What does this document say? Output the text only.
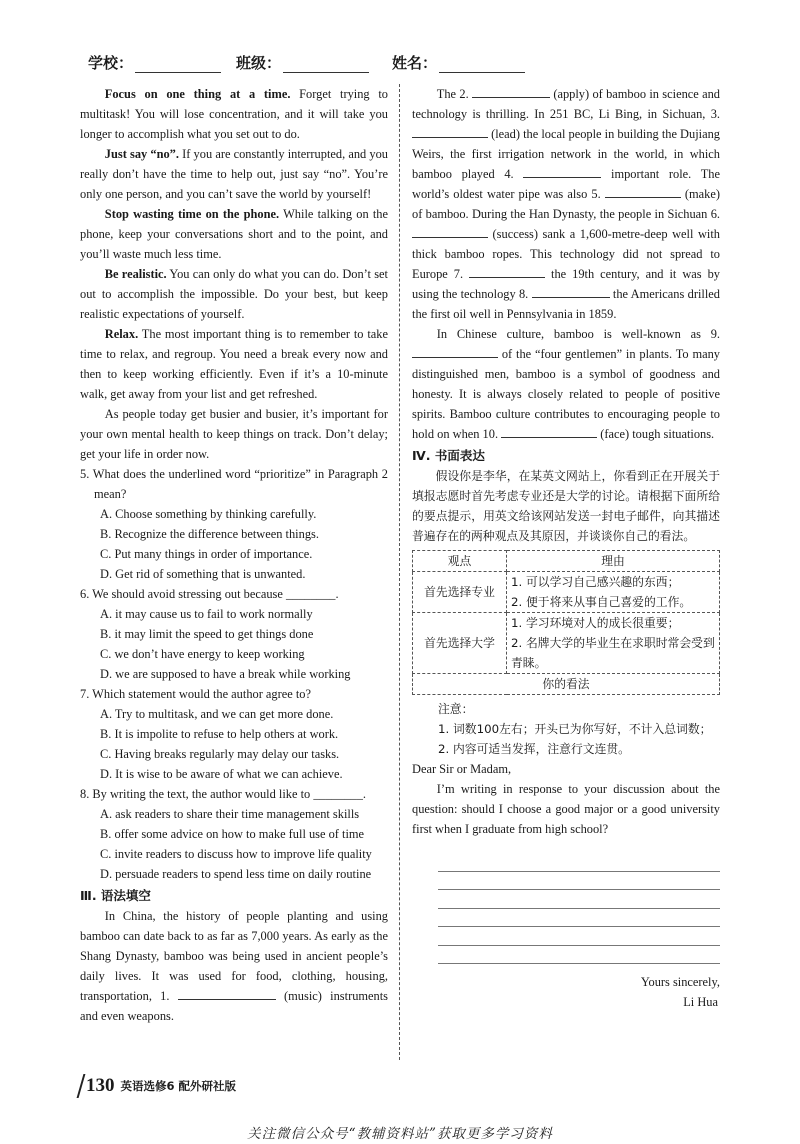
学校：	班级：	姓名：

Focus on one thing at a time. Forget trying to multitask! You will lose concentration, and it will take you longer to accomplish what you set out to do.

Just say “no”. If you are constantly interrupted, and you really don’t have the time to help out, just say “no”. You’re only one person, and you can’t save the world by yourself!

Stop wasting time on the phone. While talking on the phone, keep your conversations short and to the point, and you’ll waste much less time.

Be realistic. You can only do what you can do. Don’t set out to accomplish the impossible. Do your best, but keep realistic expectations of yourself.

Relax. The most important thing is to remember to take time to relax, and regroup. You need a break every now and then to keep working efficiently. Even if it’s a 10-minute walk, get away from your list and get refreshed.

As people today get busier and busier, it’s important for your own mental health to keep things on track. Don’t delay; get your life in order now.

5. What does the underlined word “prioritize” in Paragraph 2 mean?
A. Choose something by thinking carefully.
B. Recognize the difference between things.
C. Put many things in order of importance.
D. Get rid of something that is unwanted.
6. We should avoid stressing out because ________.
A. it may cause us to fail to work normally
B. it may limit the speed to get things done
C. we don’t have energy to keep working
D. we are supposed to have a break while working
7. Which statement would the author agree to?
A. Try to multitask, and we can get more done.
B. It is impolite to refuse to help others at work.
C. Having breaks regularly may delay our tasks.
D. It is wise to be aware of what we can achieve.
8. By writing the text, the author would like to ________.
A. ask readers to share their time management skills
B. offer some advice on how to make full use of time
C. invite readers to discuss how to improve life quality
D. persuade readers to spend less time on daily routine
Ⅲ. 语法填空

In China, the history of people planting and using bamboo can date back to as far as 7,000 years. As early as the Shang Dynasty, bamboo was being used in ancient people’s daily lives. It was used for food, clothing, housing, transportation, 1.	(music) instruments and even weapons.

The 2.	(apply) of bamboo in science and technology is thrilling. In 251 BC, Li Bing, in Sichuan, 3.  (lead) the local people in building the Dujiang Weirs, the first irrigation network in the world, in which bamboo played 4.	important role. The world’s oldest water pipe was also 5.	(make) of bamboo. During the Han Dynasty, the people in Sichuan 6.  (success) sank a 1,600-metre-deep well with thick bamboo ropes. This technology did not spread to Europe 7.	the 19th century, and it was by using the technology 8.	the Americans drilled the first oil well in Pennsylvania in 1859.

In Chinese culture, bamboo is well-known as 9.  of the “four gentlemen” in plants. To many distinguished men, bamboo is a symbol of goodness and honesty. It is always closely related to people of positive spirits. Bamboo culture contributes to encouraging people to hold on when 10.	(face) tough situations.

Ⅳ. 书面表达

假设你是李华，在某英文网站上，你看到正在开展关于填报志愿时首先考虑专业还是大学的讨论。请根据下面所给的要点提示，用英文给该网站发送一封电子邮件，向其描述普遍存在的两种观点及其原因，并谈谈你自己的看法。

观点	理由
首先选择专业	1. 可以学习自己感兴趣的东西；
2. 便于将来从事自己喜爱的工作。

首先选择大学	1. 学习环境对人的成长很重要；
2. 名牌大学的毕业生在求职时常会受到青睐。

你的看法	
注意：
1. 词数100左右；开头已为你写好，不计入总词数；
2. 内容可适当发挥，注意行文连贯。
Dear Sir or Madam,

I’m writing in response to your discussion about the question: should I choose a good major or a good university first when I graduate from high school?

Yours sincerely,
Li Hua
130 英语选修6 配外研社版
关注微信公众号“教辅资料站”获取更多学习资料
